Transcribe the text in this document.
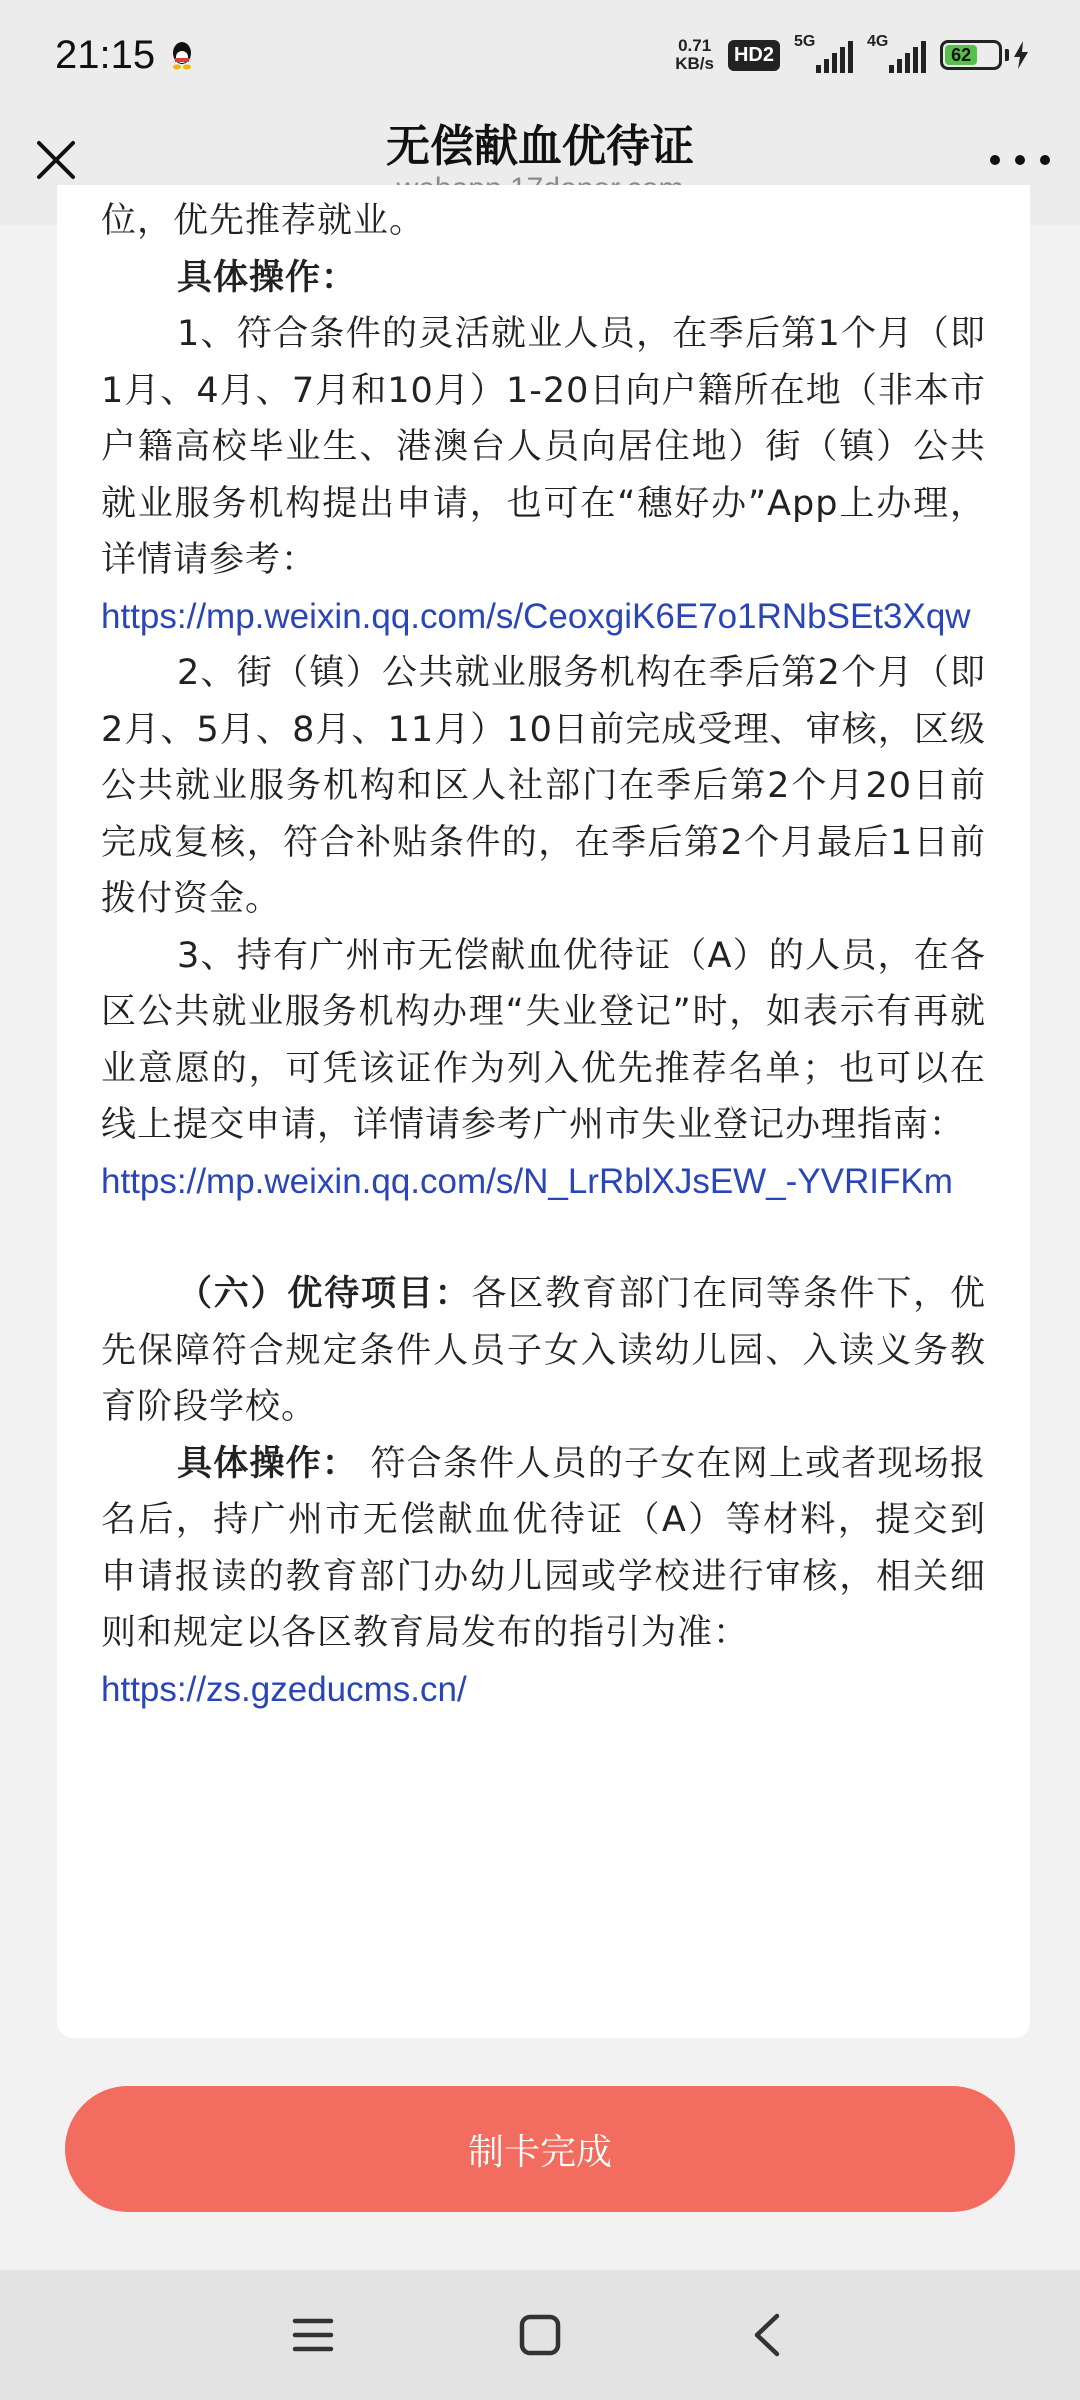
21:15	0.71
KB/s	HD2
5G	4G
62
无偿献血优待证
位，优先推荐就业。
具体操作：
1、符合条件的灵活就业人员，在季后第1个月（即1月、4月、7月和10月）1-20日向户籍所在地（非本市户籍高校毕业生、港澳台人员向居住地）街（镇）公共就业服务机构提出申请，也可在“穗好办”App上办理，详情请参考：
https://mp.weixin.qq.com/s/CeoxgiK6E7o1RNbSEt3Xqw
2、街（镇）公共就业服务机构在季后第2个月（即2月、5月、8月、11月）10日前完成受理、审核，区级公共就业服务机构和区人社部门在季后第2个月20日前完成复核，符合补贴条件的，在季后第2个月最后1日前拨付资金。
3、持有广州市无偿献血优待证（A）的人员，在各区公共就业服务机构办理“失业登记”时，如表示有再就业意愿的，可凭该证作为列入优先推荐名单；也可以在线上提交申请，详情请参考广州市失业登记办理指南：
https://mp.weixin.qq.com/s/N_LrRblXJsEW_-YVRIFKm
（六）优待项目：各区教育部门在同等条件下，优先保障符合规定条件人员子女入读幼儿园、入读义务教育阶段学校。
具体操作： 符合条件人员的子女在网上或者现场报名后，持广州市无偿献血优待证（A）等材料，提交到申请报读的教育部门办幼儿园或学校进行审核，相关细则和规定以各区教育局发布的指引为准：
https://zs.gzeducms.cn/
制卡完成
